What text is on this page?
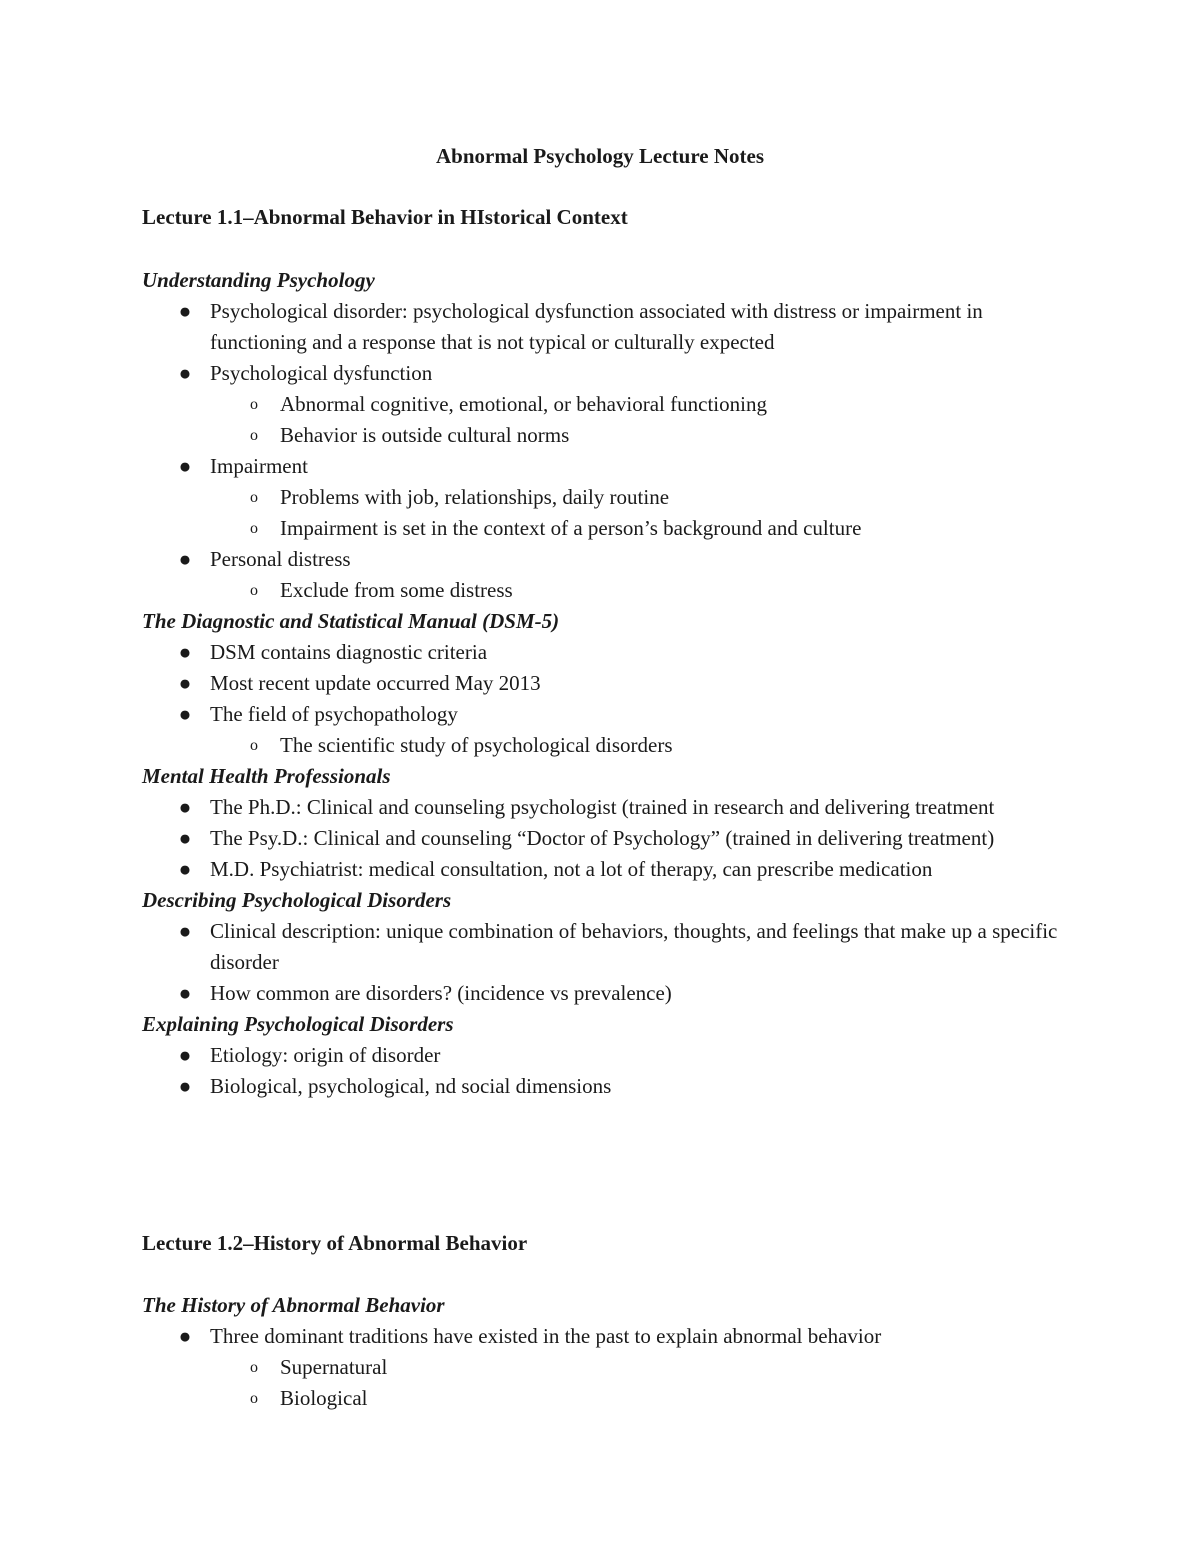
Abnormal Psychology Lecture Notes
Lecture 1.1–Abnormal Behavior in HIstorical Context
Understanding Psychology
● Psychological disorder: psychological dysfunction associated with distress or impairment in functioning and a response that is not typical or culturally expected
● Psychological dysfunction
o Abnormal cognitive, emotional, or behavioral functioning
o Behavior is outside cultural norms
● Impairment
o Problems with job, relationships, daily routine
o Impairment is set in the context of a person’s background and culture
● Personal distress
o Exclude from some distress
The Diagnostic and Statistical Manual (DSM-5)
● DSM contains diagnostic criteria
● Most recent update occurred May 2013
● The field of psychopathology
o The scientific study of psychological disorders
Mental Health Professionals
● The Ph.D.: Clinical and counseling psychologist (trained in research and delivering treatment
● The Psy.D.: Clinical and counseling “Doctor of Psychology” (trained in delivering treatment)
● M.D. Psychiatrist: medical consultation, not a lot of therapy, can prescribe medication
Describing Psychological Disorders
● Clinical description: unique combination of behaviors, thoughts, and feelings that make up a specific disorder
● How common are disorders? (incidence vs prevalence)
Explaining Psychological Disorders
● Etiology: origin of disorder
● Biological, psychological, nd social dimensions
Lecture 1.2–History of Abnormal Behavior
The History of Abnormal Behavior
● Three dominant traditions have existed in the past to explain abnormal behavior
o Supernatural
o Biological
